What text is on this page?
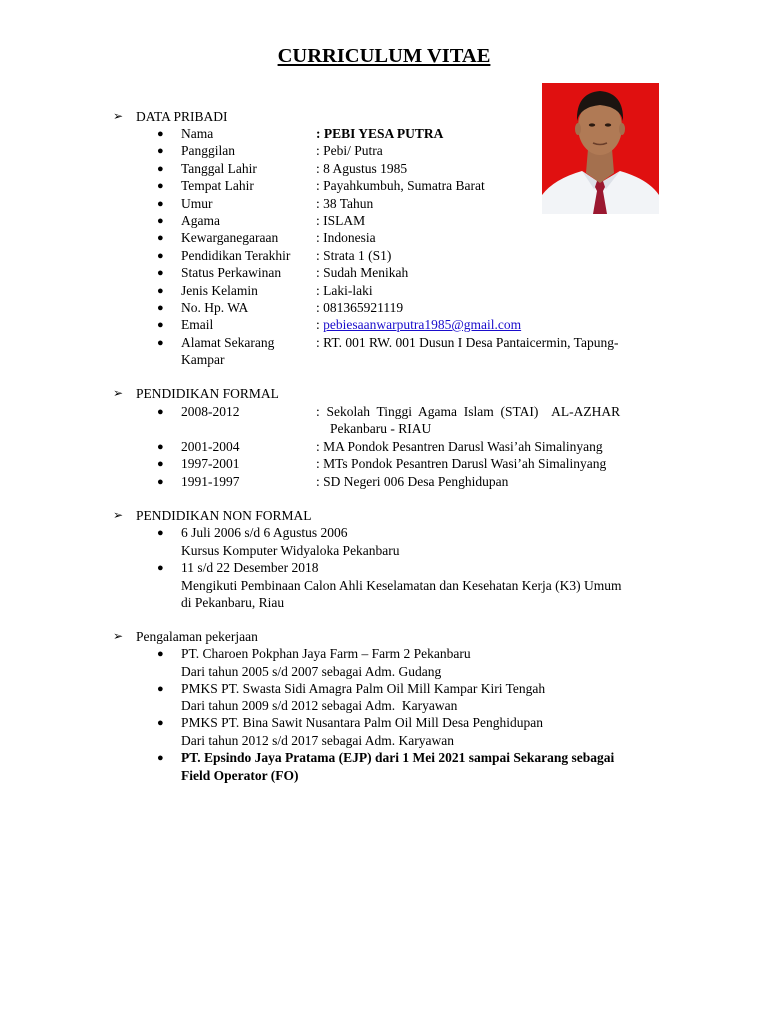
CURRICULUM VITAE
➢ DATA PRIBADI
● Nama	: PEBI YESA PUTRA
● Panggilan	: Pebi/ Putra
● Tanggal Lahir	: 8 Agustus 1985
● Tempat Lahir	: Payahkumbuh, Sumatra Barat
● Umur	: 38 Tahun
● Agama	: ISLAM
● Kewarganegaraan	: Indonesia
● Pendidikan Terakhir : Strata 1 (S1)
● Status Perkawinan	: Sudah Menikah
● Jenis Kelamin	: Laki-laki
● No. Hp. WA	: 081365921119
● Email	: pebiesaanwarputra1985@gmail.com
● Alamat Sekarang	: RT. 001 RW. 001 Dusun I Desa Pantaicermin, Tapung-
Kampar
➢ PENDIDIKAN FORMAL
● 2008-2012	:  Sekolah  Tinggi  Agama  Islam  (STAI)    AL-AZHAR
Pekanbaru - RIAU
● 2001-2004	: MA Pondok Pesantren Darusl Wasi’ah Simalinyang
● 1997-2001	: MTs Pondok Pesantren Darusl Wasi’ah Simalinyang
● 1991-1997	: SD Negeri 006 Desa Penghidupan
➢ PENDIDIKAN NON FORMAL
● 6 Juli 2006 s/d 6 Agustus 2006
Kursus Komputer Widyaloka Pekanbaru
● 11 s/d 22 Desember 2018
Mengikuti Pembinaan Calon Ahli Keselamatan dan Kesehatan Kerja (K3) Umum
di Pekanbaru, Riau
➢ Pengalaman pekerjaan
● PT. Charoen Pokphan Jaya Farm – Farm 2 Pekanbaru
Dari tahun 2005 s/d 2007 sebagai Adm. Gudang
● PMKS PT. Swasta Sidi Amagra Palm Oil Mill Kampar Kiri Tengah
Dari tahun 2009 s/d 2012 sebagai Adm.  Karyawan
● PMKS PT. Bina Sawit Nusantara Palm Oil Mill Desa Penghidupan
Dari tahun 2012 s/d 2017 sebagai Adm. Karyawan
● PT. Epsindo Jaya Pratama (EJP) dari 1 Mei 2021 sampai Sekarang sebagai
Field Operator (FO)
